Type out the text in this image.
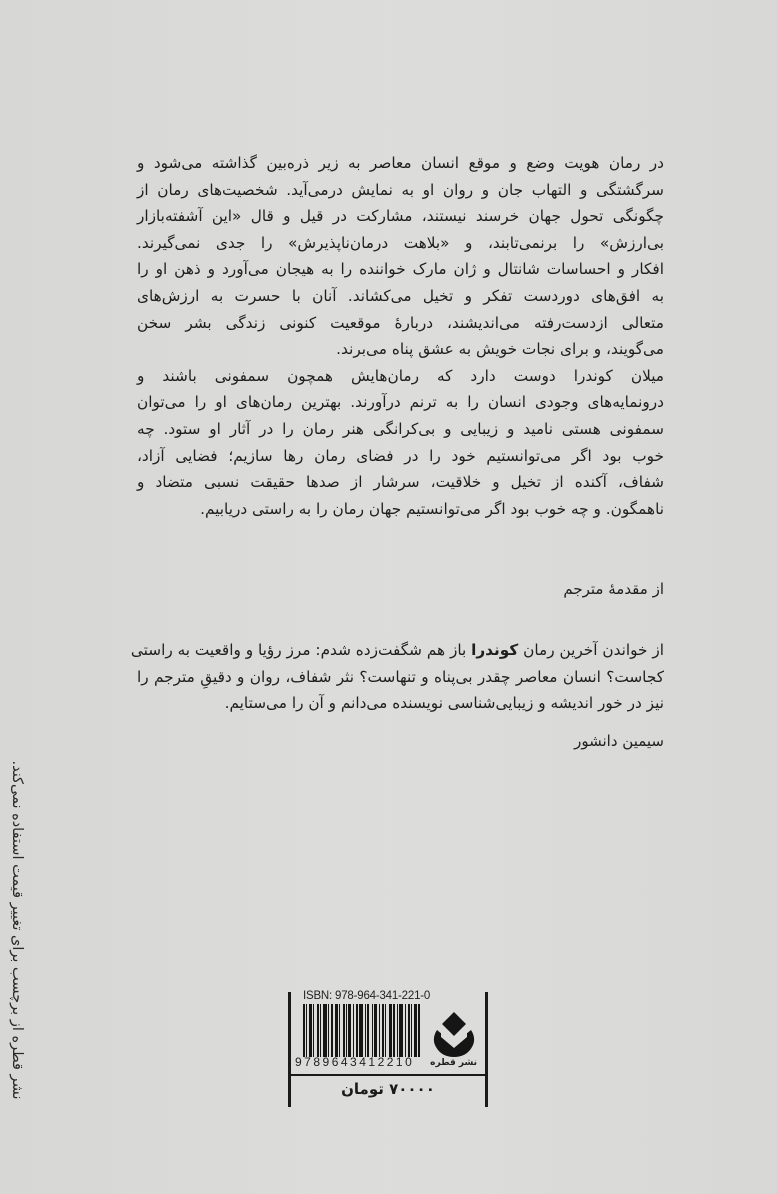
در رمان هویت وضع و موقع انسان معاصر به زیر ذره‌بین گذاشته می‌شود و
سرگشتگی و التهاب جان و روان او به نمایش درمی‌آید. شخصیت‌های رمان از
چگونگی تحول جهان خرسند نیستند، مشارکت در قیل و قال «این آشفته‌بازار
بی‌ارزش» را برنمی‌تابند، و «بلاهت درمان‌ناپذیرش» را جدی نمی‌گیرند.
افکار و احساسات شانتال و ژان مارک خواننده را به هیجان می‌آورد و ذهن او را
به افق‌های دوردست تفکر و تخیل می‌کشاند. آنان با حسرت به ارزش‌های
متعالی ازدست‌رفته می‌اندیشند، دربارهٔ موقعیت کنونی زندگی بشر سخن
می‌گویند، و برای نجات خویش به عشق پناه می‌برند.
میلان کوندرا دوست دارد که رمان‌هایش همچون سمفونی باشند و
درونمایه‌های وجودی انسان را به ترنم درآورند. بهترین رمان‌های او را می‌توان
سمفونی هستی نامید و زیبایی و بی‌کرانگی هنر رمان را در آثار او ستود. چه
خوب بود اگر می‌توانستیم خود را در فضای رمان رها سازیم؛ فضایی آزاد،
شفاف، آکنده از تخیل و خلاقیت، سرشار از صدها حقیقت نسبی متضاد و
ناهمگون. و چه خوب بود اگر می‌توانستیم جهان رمان را به راستی دریابیم.
از مقدمهٔ مترجم
از خواندن آخرین رمان کوندرا باز هم شگفت‌زده شدم: مرز رؤیا و واقعیت به راستی
کجاست؟ انسان معاصر چقدر بی‌پناه و تنهاست؟ نثر شفاف، روان و دقیقِ مترجم را
نیز در خور اندیشه و زیبایی‌شناسی نویسنده می‌دانم و آن را می‌ستایم.
سیمین دانشور
ISBN: 978-964-341-221-0
9789643412210 نشر قطره
۷۰۰۰۰ تومان
نشر قطره از برچسب برای تغییر قیمت استفاده نمی‌کند.
